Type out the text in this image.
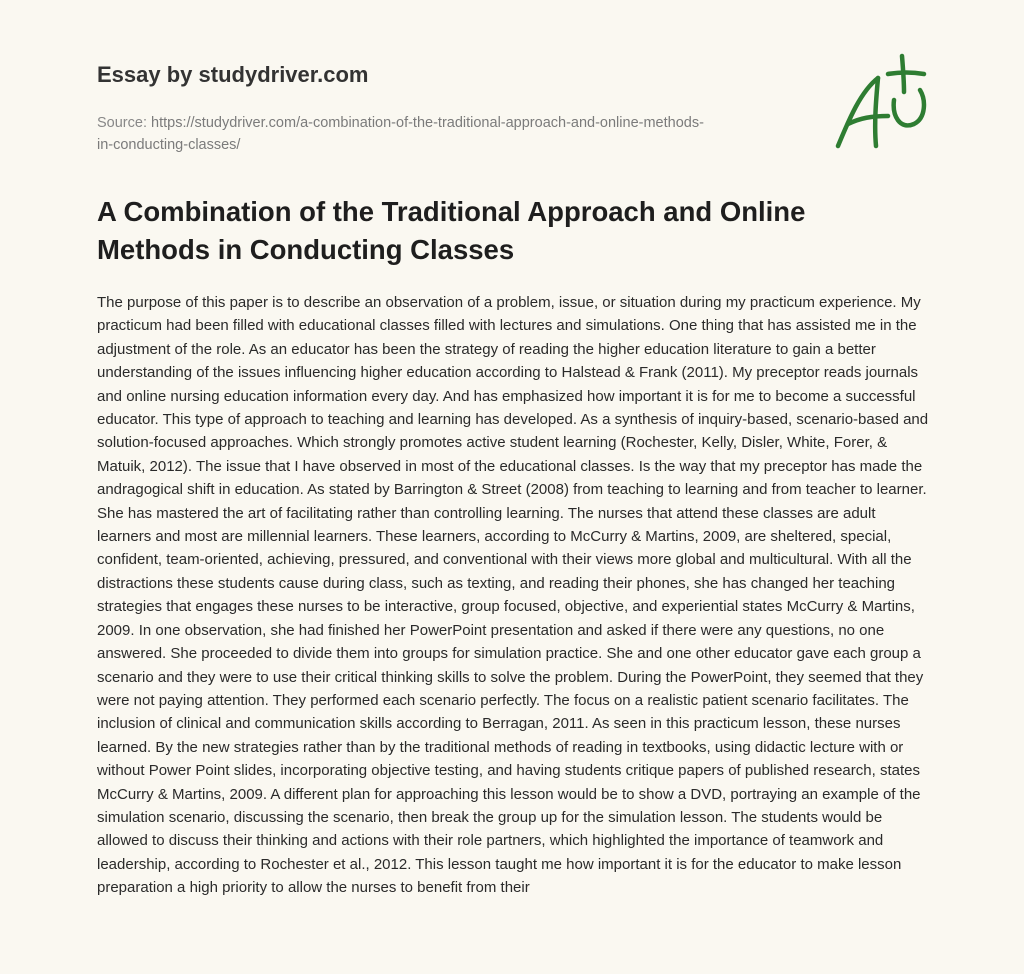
Essay by studydriver.com
Source: https://studydriver.com/a-combination-of-the-traditional-approach-and-online-methods-in-conducting-classes/
A Combination of the Traditional Approach and Online Methods in Conducting Classes

The purpose of this paper is to describe an observation of a problem, issue, or situation during my practicum experience. My practicum had been filled with educational classes filled with lectures and simulations. One thing that has assisted me in the adjustment of the role. As an educator has been the strategy of reading the higher education literature to gain a better understanding of the issues influencing higher education according to Halstead & Frank (2011). My preceptor reads journals and online nursing education information every day. And has emphasized how important it is for me to become a successful educator. This type of approach to teaching and learning has developed. As a synthesis of inquiry-based, scenario-based and solution-focused approaches. Which strongly promotes active student learning (Rochester, Kelly, Disler, White, Forer, & Matuik, 2012). The issue that I have observed in most of the educational classes. Is the way that my preceptor has made the andragogical shift in education. As stated by Barrington & Street (2008) from teaching to learning and from teacher to learner. She has mastered the art of facilitating rather than controlling learning. The nurses that attend these classes are adult learners and most are millennial learners. These learners, according to McCurry & Martins, 2009, are sheltered, special, confident, team-oriented, achieving, pressured, and conventional with their views more global and multicultural. With all the distractions these students cause during class, such as texting, and reading their phones, she has changed her teaching strategies that engages these nurses to be interactive, group focused, objective, and experiential states McCurry & Martins, 2009. In one observation, she had finished her PowerPoint presentation and asked if there were any questions, no one answered. She proceeded to divide them into groups for simulation practice. She and one other educator gave each group a scenario and they were to use their critical thinking skills to solve the problem. During the PowerPoint, they seemed that they were not paying attention. They performed each scenario perfectly. The focus on a realistic patient scenario facilitates. The inclusion of clinical and communication skills according to Berragan, 2011. As seen in this practicum lesson, these nurses learned. By the new strategies rather than by the traditional methods of reading in textbooks, using didactic lecture with or without Power Point slides, incorporating objective testing, and having students critique papers of published research, states McCurry & Martins, 2009. A different plan for approaching this lesson would be to show a DVD, portraying an example of the simulation scenario, discussing the scenario, then break the group up for the simulation lesson. The students would be allowed to discuss their thinking and actions with their role partners, which highlighted the importance of teamwork and leadership, according to Rochester et al., 2012. This lesson taught me how important it is for the educator to make lesson preparation a high priority to allow the nurses to benefit from their
